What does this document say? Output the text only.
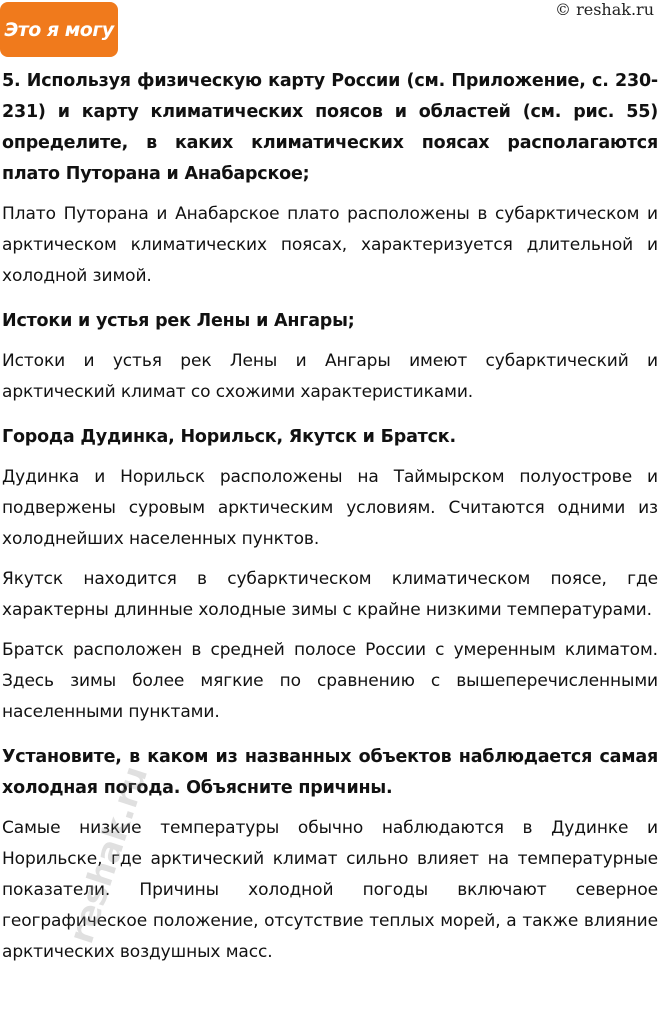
Это я могу
© reshak.ru

5. Используя физическую карту России (см. Приложение, с. 230-231) и карту климатических поясов и областей (см. рис. 55) определите, в каких климатических поясах располагаются плато Путорана и Анабарское;

Плато Путорана и Анабарское плато расположены в субарктическом и арктическом климатических поясах, характеризуется длительной и холодной зимой.

Истоки и устья рек Лены и Ангары;

Истоки и устья рек Лены и Ангары имеют субарктический и арктический климат со схожими характеристиками.

Города Дудинка, Норильск, Якутск и Братск.

Дудинка и Норильск расположены на Таймырском полуострове и подвержены суровым арктическим условиям. Считаются одними из холоднейших населенных пунктов.

Якутск находится в субарктическом климатическом поясе, где характерны длинные холодные зимы с крайне низкими температурами.

Братск расположен в средней полосе России с умеренным климатом. Здесь зимы более мягкие по сравнению с вышеперечисленными населенными пунктами.

Установите, в каком из названных объектов наблюдается самая холодная погода. Объясните причины.

Самые низкие температуры обычно наблюдаются в Дудинке и Норильске, где арктический климат сильно влияет на температурные показатели. Причины холодной погоды включают северное географическое положение, отсутствие теплых морей, а также влияние арктических воздушных масс.

reshak.ru
